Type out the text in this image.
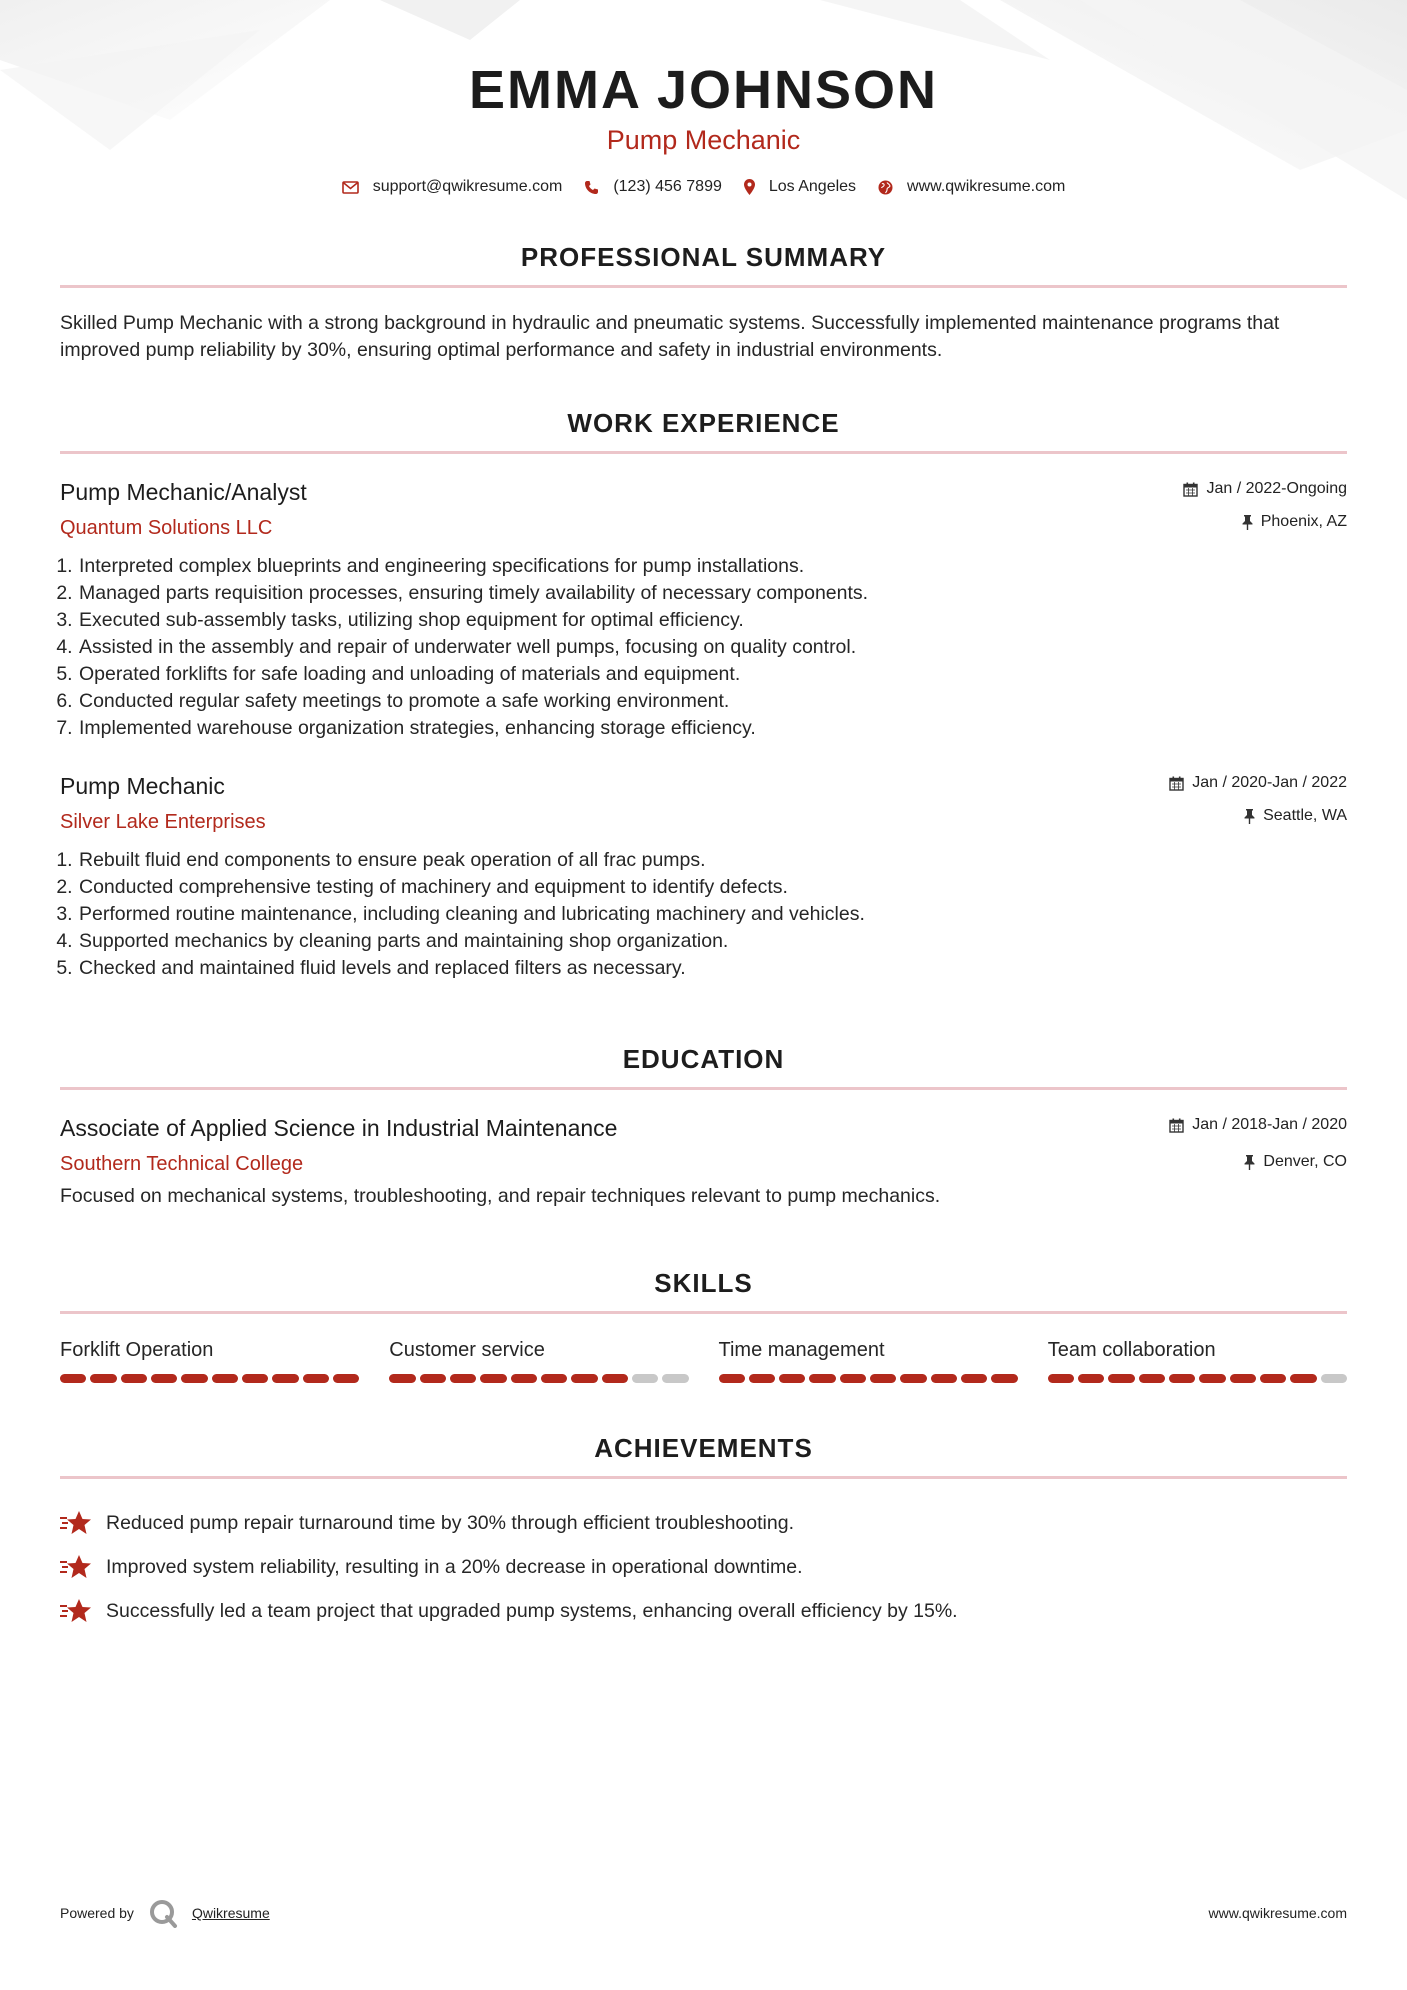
EMMA JOHNSON
Pump Mechanic
support@qwikresume.com	(123) 456 7899	Los Angeles	www.qwikresume.com
PROFESSIONAL SUMMARY

Skilled Pump Mechanic with a strong background in hydraulic and pneumatic systems. Successfully implemented maintenance programs that improved pump reliability by 30%, ensuring optimal performance and safety in industrial environments.

WORK EXPERIENCE
Pump Mechanic/Analyst
Quantum Solutions LLC
Jan / 2022-Ongoing
Phoenix, AZ
1. Interpreted complex blueprints and engineering specifications for pump installations.
2. Managed parts requisition processes, ensuring timely availability of necessary components.
3. Executed sub-assembly tasks, utilizing shop equipment for optimal efficiency.
4. Assisted in the assembly and repair of underwater well pumps, focusing on quality control.
5. Operated forklifts for safe loading and unloading of materials and equipment.
6. Conducted regular safety meetings to promote a safe working environment.
7. Implemented warehouse organization strategies, enhancing storage efficiency.
Pump Mechanic
Silver Lake Enterprises
Jan / 2020-Jan / 2022
Seattle, WA
1. Rebuilt fluid end components to ensure peak operation of all frac pumps.
2. Conducted comprehensive testing of machinery and equipment to identify defects.
3. Performed routine maintenance, including cleaning and lubricating machinery and vehicles.
4. Supported mechanics by cleaning parts and maintaining shop organization.
5. Checked and maintained fluid levels and replaced filters as necessary.
EDUCATION
Associate of Applied Science in Industrial Maintenance
Southern Technical College
Jan / 2018-Jan / 2020
Denver, CO

Focused on mechanical systems, troubleshooting, and repair techniques relevant to pump mechanics.

SKILLS
Forklift Operation	Customer service	Time management	Team collaboration
ACHIEVEMENTS
Reduced pump repair turnaround time by 30% through efficient troubleshooting.
Improved system reliability, resulting in a 20% decrease in operational downtime.
Successfully led a team project that upgraded pump systems, enhancing overall efficiency by 15%.
Powered by	Qwikresume	www.qwikresume.com
